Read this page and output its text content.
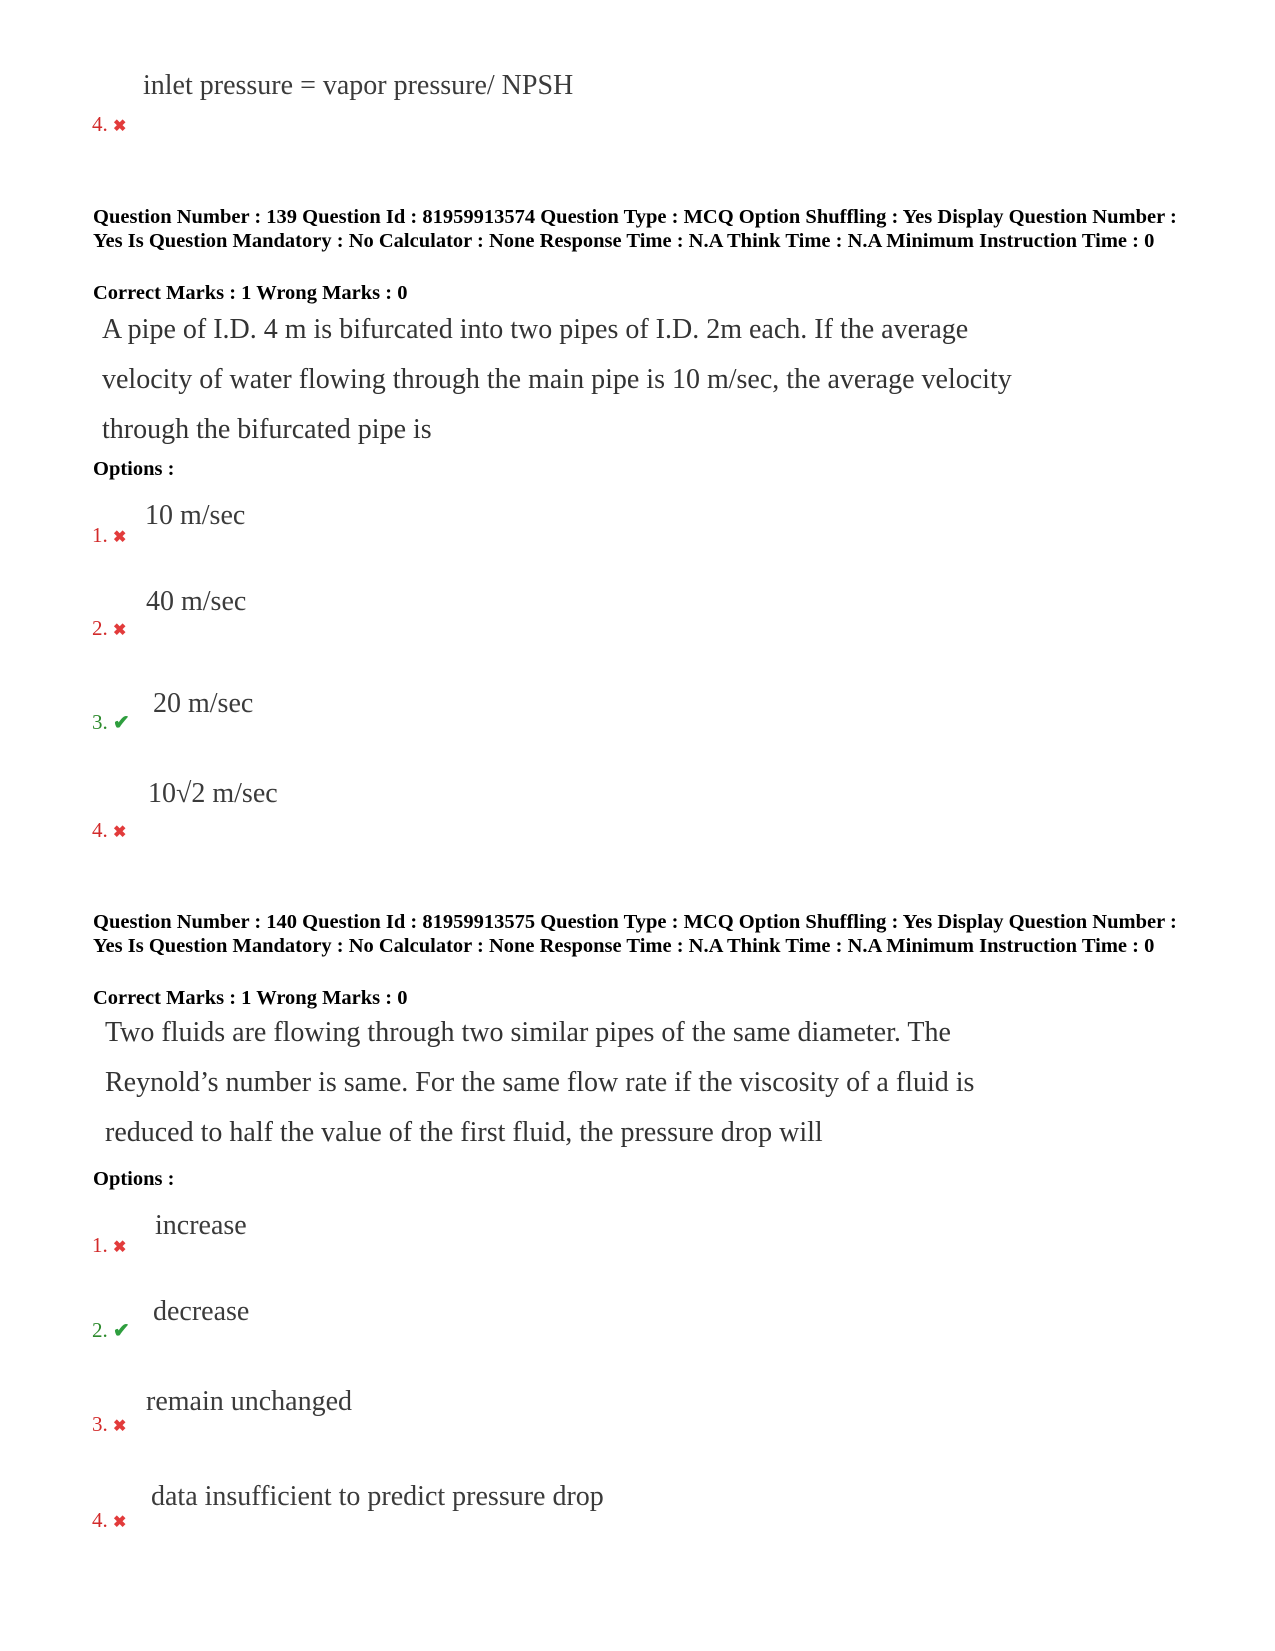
inlet pressure = vapor pressure/ NPSH
4. ✖
Question Number : 139 Question Id : 81959913574 Question Type : MCQ Option Shuffling : Yes Display Question Number : Yes Is Question Mandatory : No Calculator : None Response Time : N.A Think Time : N.A Minimum Instruction Time : 0
Correct Marks : 1 Wrong Marks : 0
A pipe of I.D. 4 m is bifurcated into two pipes of I.D. 2m each. If the average
velocity of water flowing through the main pipe is 10 m/sec, the average velocity
through the bifurcated pipe is
Options :
10 m/sec
1. ✖
40 m/sec
2. ✖
20 m/sec
3. ✔
10√2 m/sec
4. ✖
Question Number : 140 Question Id : 81959913575 Question Type : MCQ Option Shuffling : Yes Display Question Number : Yes Is Question Mandatory : No Calculator : None Response Time : N.A Think Time : N.A Minimum Instruction Time : 0
Correct Marks : 1 Wrong Marks : 0
Two fluids are flowing through two similar pipes of the same diameter. The
Reynold’s number is same. For the same flow rate if the viscosity of a fluid is
reduced to half the value of the first fluid, the pressure drop will
Options :
increase
1. ✖
decrease
2. ✔
remain unchanged
3. ✖
data insufficient to predict pressure drop
4. ✖
